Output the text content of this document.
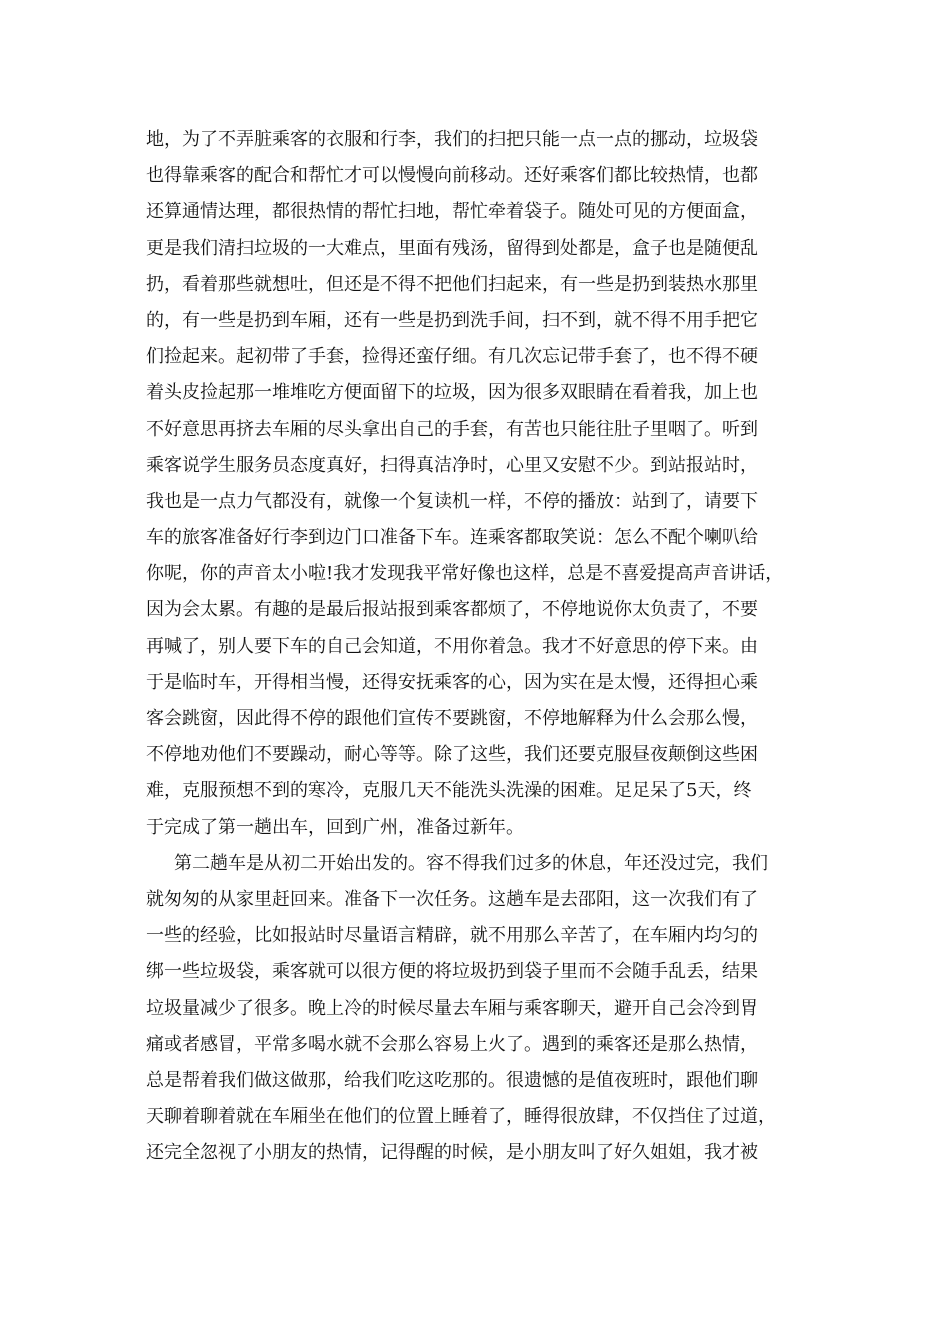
地，为了不弄脏乘客的衣服和行李，我们的扫把只能一点一点的挪动，垃圾袋
也得靠乘客的配合和帮忙才可以慢慢向前移动。还好乘客们都比较热情，也都
还算通情达理，都很热情的帮忙扫地，帮忙牵着袋子。随处可见的方便面盒，
更是我们清扫垃圾的一大难点，里面有残汤，留得到处都是，盒子也是随便乱
扔，看着那些就想吐，但还是不得不把他们扫起来，有一些是扔到装热水那里
的，有一些是扔到车厢，还有一些是扔到洗手间，扫不到，就不得不用手把它
们捡起来。起初带了手套，捡得还蛮仔细。有几次忘记带手套了，也不得不硬
着头皮捡起那一堆堆吃方便面留下的垃圾，因为很多双眼睛在看着我，加上也
不好意思再挤去车厢的尽头拿出自己的手套，有苦也只能往肚子里咽了。听到
乘客说学生服务员态度真好，扫得真洁净时，心里又安慰不少。到站报站时，
我也是一点力气都没有，就像一个复读机一样，不停的播放：站到了，请要下
车的旅客准备好行李到边门口准备下车。连乘客都取笑说：怎么不配个喇叭给
你呢，你的声音太小啦!我才发现我平常好像也这样，总是不喜爱提高声音讲话，
因为会太累。有趣的是最后报站报到乘客都烦了，不停地说你太负责了，不要
再喊了，别人要下车的自己会知道，不用你着急。我才不好意思的停下来。由
于是临时车，开得相当慢，还得安抚乘客的心，因为实在是太慢，还得担心乘
客会跳窗，因此得不停的跟他们宣传不要跳窗，不停地解释为什么会那么慢，
不停地劝他们不要躁动，耐心等等。除了这些，我们还要克服昼夜颠倒这些困
难，克服预想不到的寒冷，克服几天不能洗头洗澡的困难。足足呆了5天，终
于完成了第一趟出车，回到广州，准备过新年。
第二趟车是从初二开始出发的。容不得我们过多的休息，年还没过完，我们
就匆匆的从家里赶回来。准备下一次任务。这趟车是去邵阳，这一次我们有了
一些的经验，比如报站时尽量语言精辟，就不用那么辛苦了，在车厢内均匀的
绑一些垃圾袋，乘客就可以很方便的将垃圾扔到袋子里而不会随手乱丢，结果
垃圾量减少了很多。晚上冷的时候尽量去车厢与乘客聊天，避开自己会冷到胃
痛或者感冒，平常多喝水就不会那么容易上火了。遇到的乘客还是那么热情，
总是帮着我们做这做那，给我们吃这吃那的。很遗憾的是值夜班时，跟他们聊
天聊着聊着就在车厢坐在他们的位置上睡着了，睡得很放肆，不仅挡住了过道，
还完全忽视了小朋友的热情，记得醒的时候，是小朋友叫了好久姐姐，我才被
